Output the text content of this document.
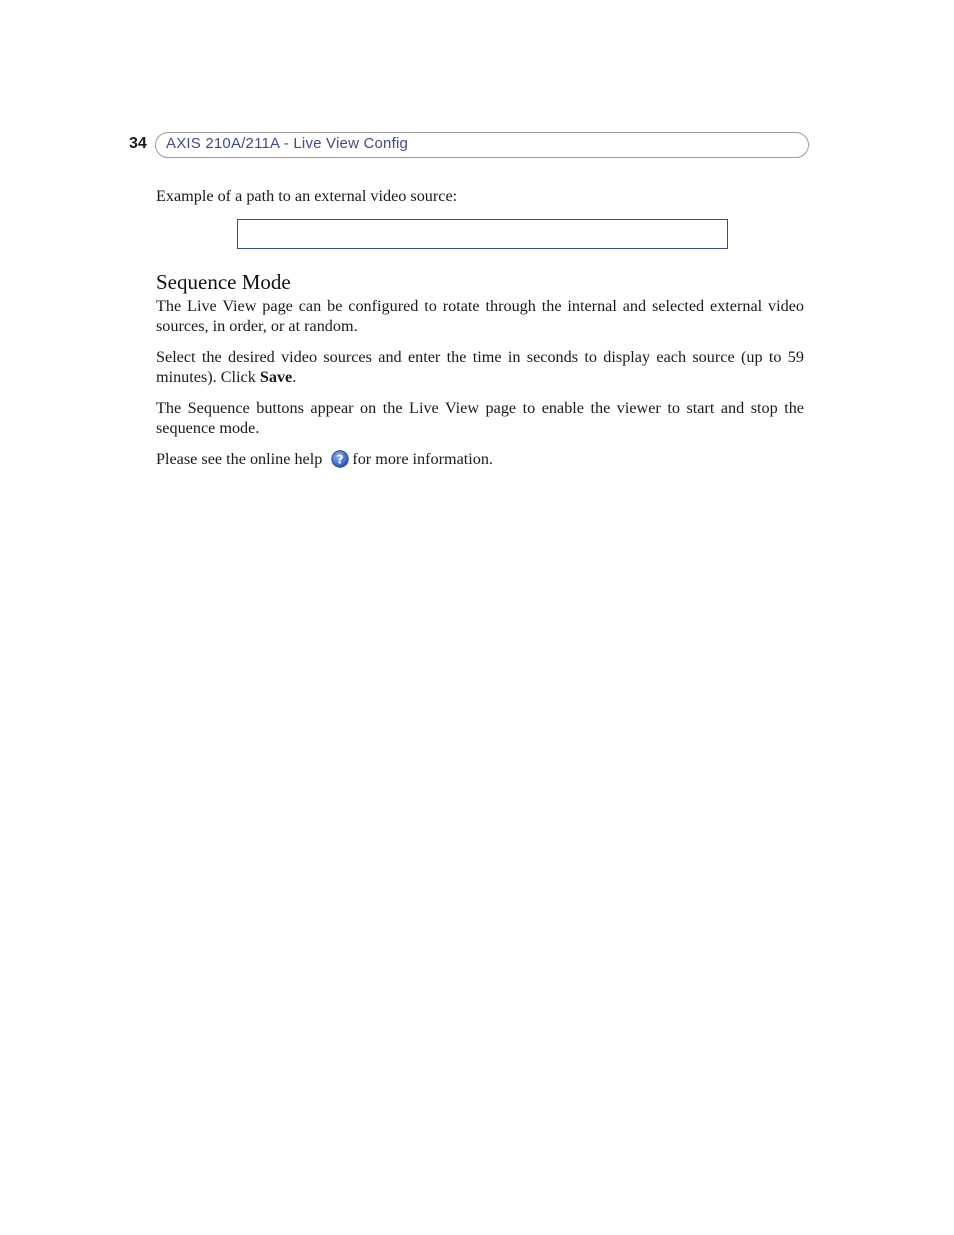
34 AXIS 210A/211A - Live View Config

Example of a path to an external video source:

Sequence Mode

The Live View page can be configured to rotate through the internal and selected external video sources, in order, or at random.

Select the desired video sources and enter the time in seconds to display each source (up to 59 minutes). Click Save.

The Sequence buttons appear on the Live View page to enable the viewer to start and stop the sequence mode.

Please see the online help ? for more information.
